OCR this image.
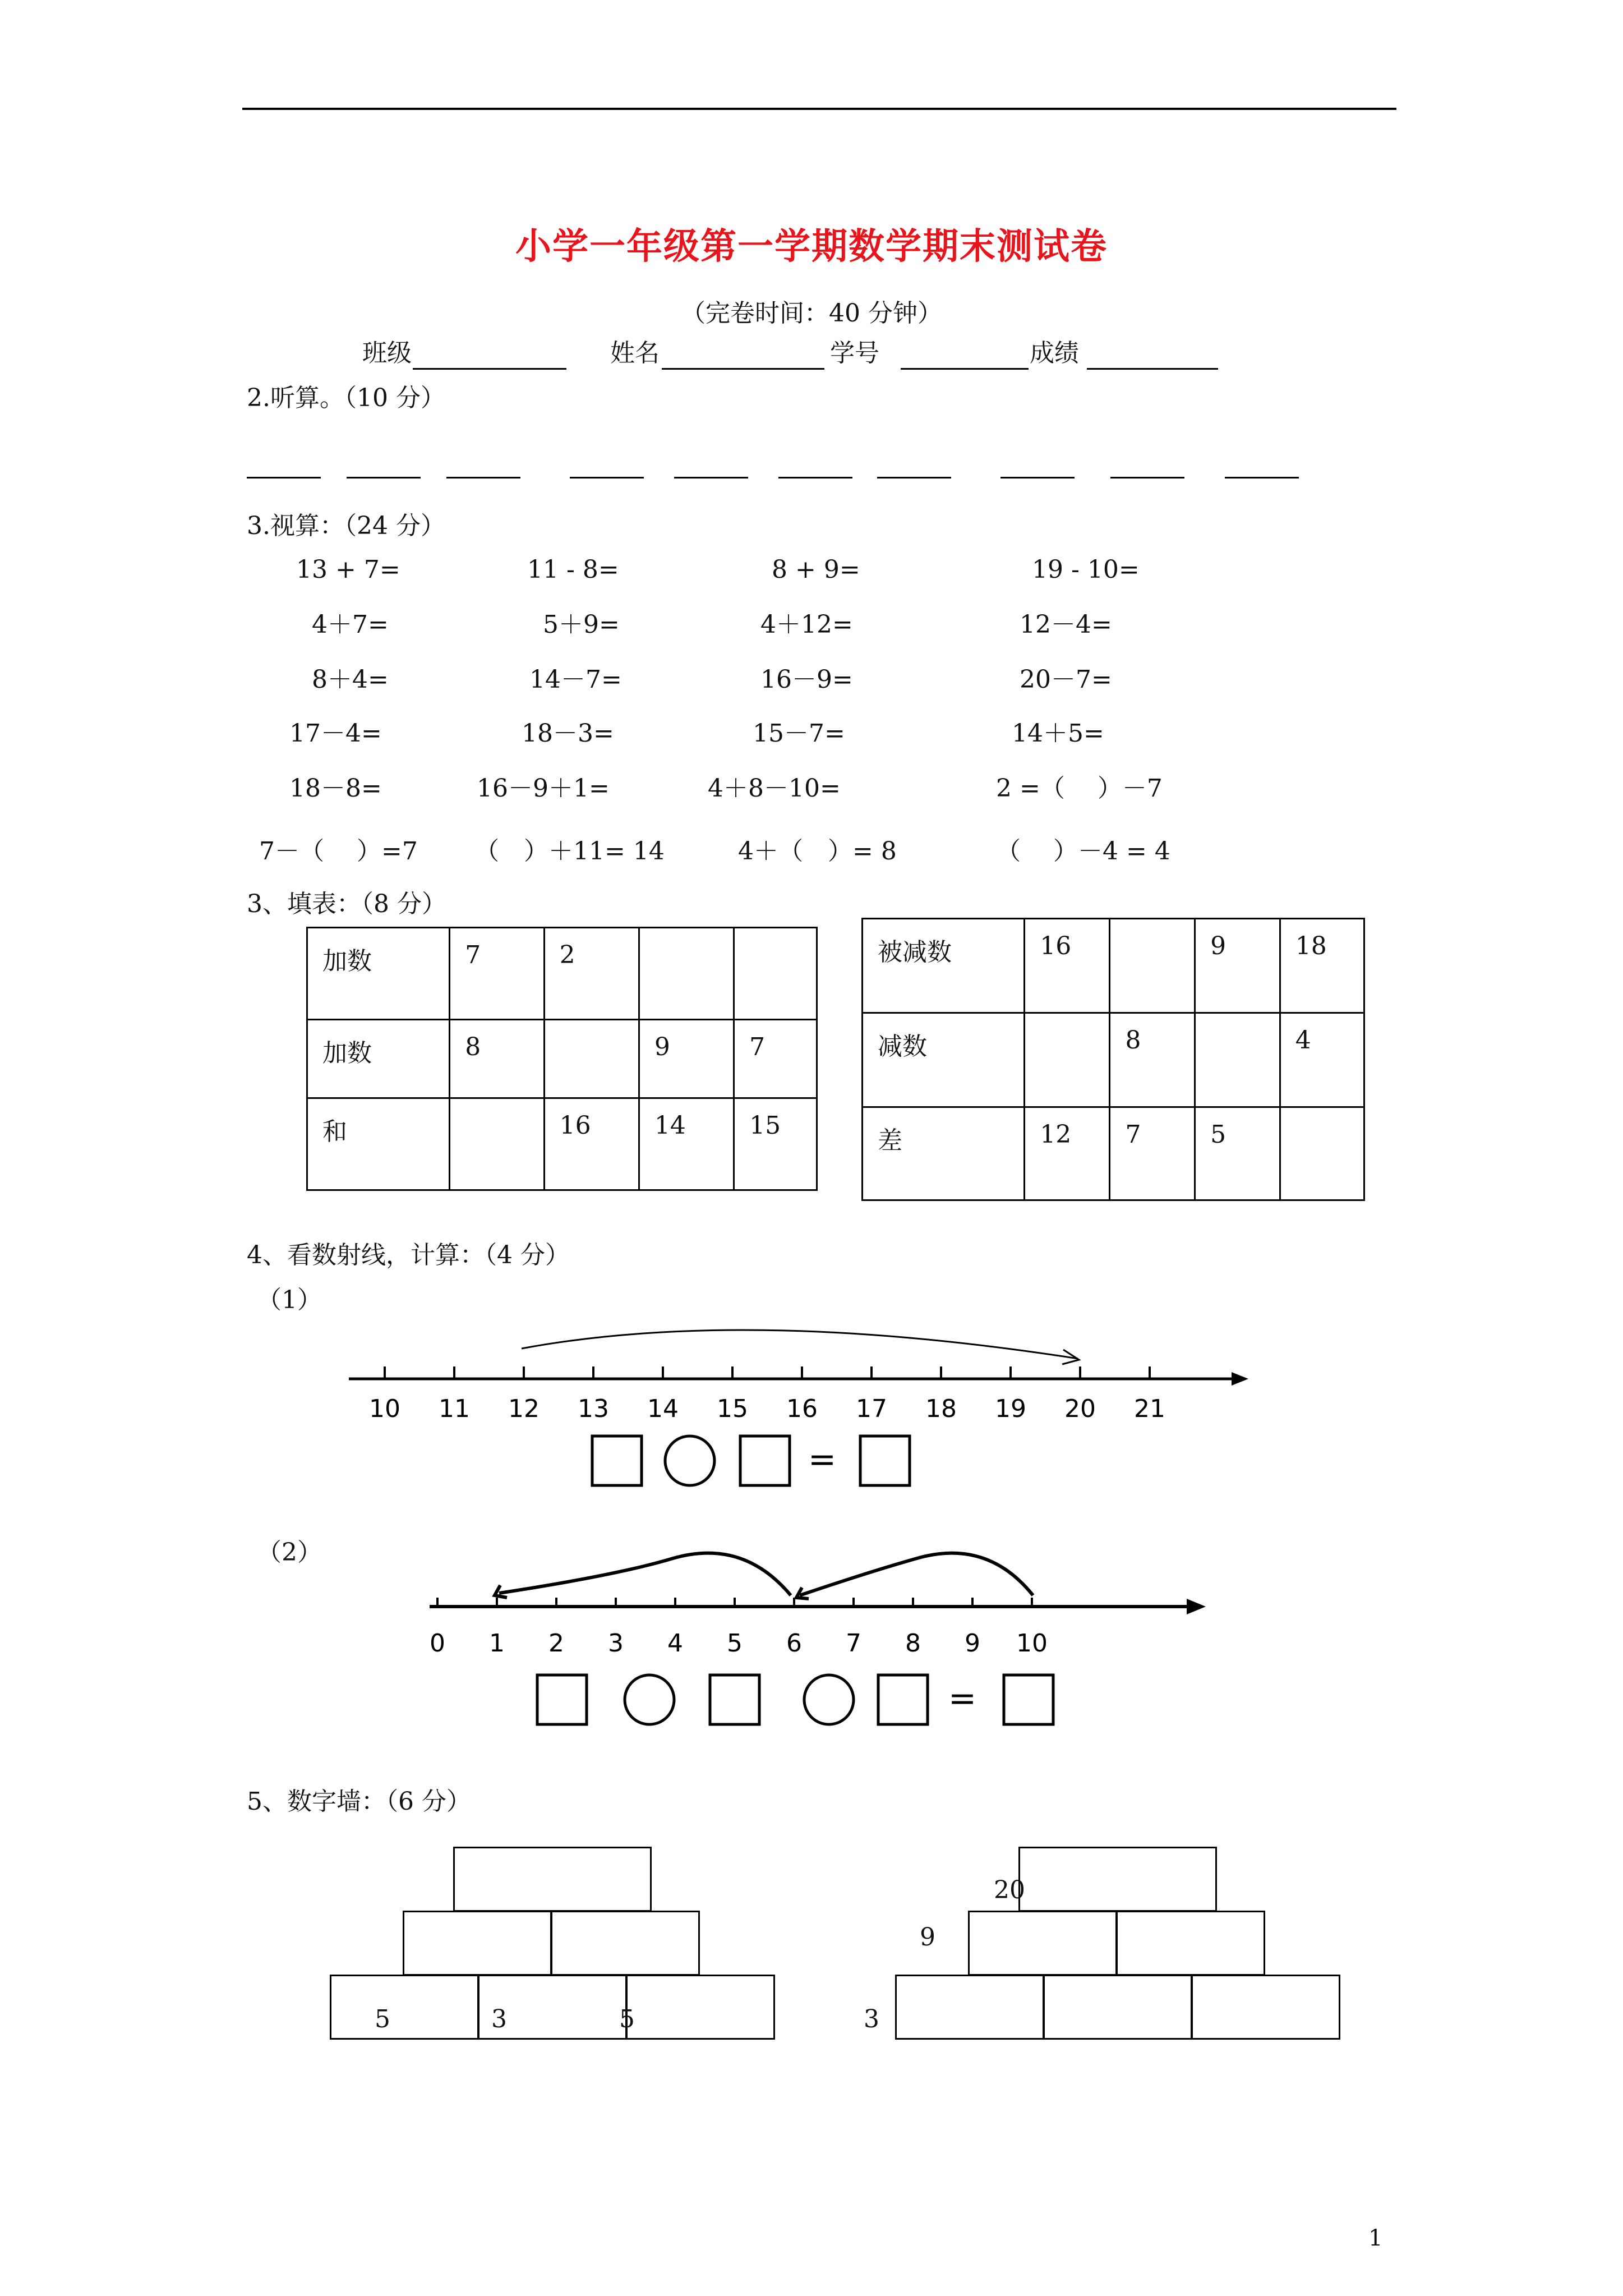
小学一年级第一学期数学期末测试卷
（完卷时间：40 分钟）
班级	姓名	学号	成绩
2.听算。（10 分）
3.视算：（24 分）
13 + 7=	11 - 8=	8 + 9=	19 - 10=
4＋7=	5＋9=	4＋12=	12－4=
8＋4=	14－7=	16－9=	20－7=
17－4=	18－3=	15－7=	14＋5=
18－8=	16－9＋1=	4＋8－10=	2 =（　 ）－7
7－（　 ）=7 （　）＋11= 14	4＋（　）= 8	（　 ）－4 = 4
3、填表：（8 分）
加数	7	2		
加数	8		9	7
和		16	14	15
被减数	16		9	18
减数		8		4
差	12	7	5	
4、看数射线，计算：（4 分）
（1）
10 11 12 13 14 15 16 17 18 19 20 21
=
（2）
0 1 2 3 4 5 6 7 8 9 10
=
5、数字墙：（6 分）
5	3	5
20
9
3
1
